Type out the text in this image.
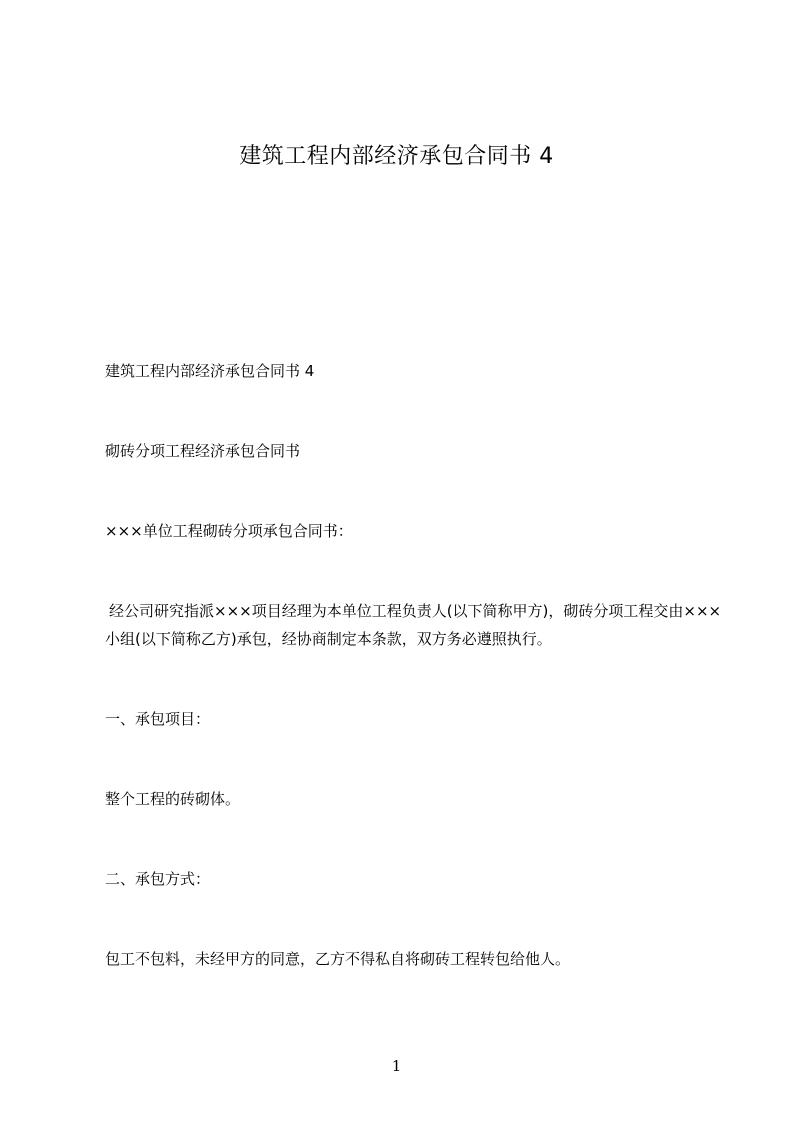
建筑工程内部经济承包合同书 4

建筑工程内部经济承包合同书 4

砌砖分项工程经济承包合同书

×××单位工程砌砖分项承包合同书：

经公司研究指派×××项目经理为本单位工程负责人(以下简称甲方)，砌砖分项工程交由×××小组(以下简称乙方)承包，经协商制定本条款，双方务必遵照执行。

一、承包项目：

整个工程的砖砌体。

二、承包方式：

包工不包料，未经甲方的同意，乙方不得私自将砌砖工程转包给他人。

1
